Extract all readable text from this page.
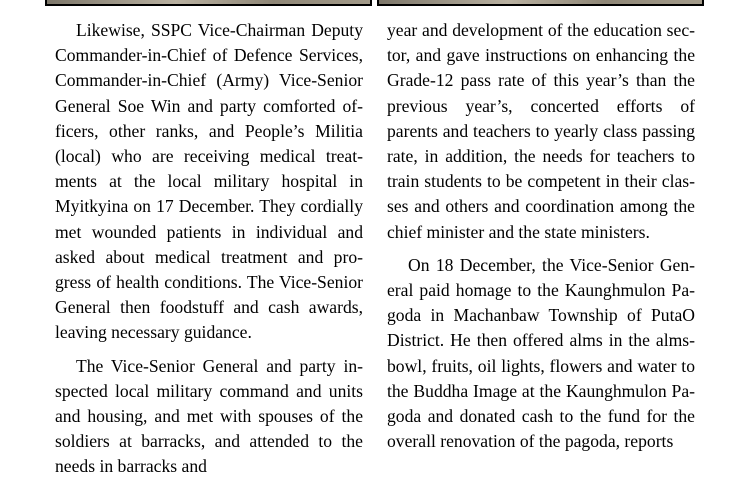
Likewise, SSPC Vice-Chairman Deputy Commander-in-Chief of Defence Services, Commander-in-Chief (Army) Vice-Senior General Soe Win and party comforted officers, other ranks, and People’s Militia (local) who are receiving medical treatments at the local military hospital in Myitkyina on 17 December. They cordially met wounded patients in individual and asked about medical treatment and progress of health conditions. The Vice-Senior General then foodstuff and cash awards, leaving necessary guidance.

The Vice-Senior General and party inspected local military command and units and housing, and met with spouses of the soldiers at barracks, and attended to the needs in barracks and

year and development of the education sector, and gave instructions on enhancing the Grade-12 pass rate of this year’s than the previous year’s, concerted efforts of parents and teachers to yearly class passing rate, in addition, the needs for teachers to train students to be competent in their classes and others and coordination among the chief minister and the state ministers.

On 18 December, the Vice-Senior General paid homage to the Kaunghmulon Pagoda in Machanbaw Township of PutaO District. He then offered alms in the almsbowl, fruits, oil lights, flowers and water to the Buddha Image at the Kaunghmulon Pagoda and donated cash to the fund for the overall renovation of the pagoda, reports
